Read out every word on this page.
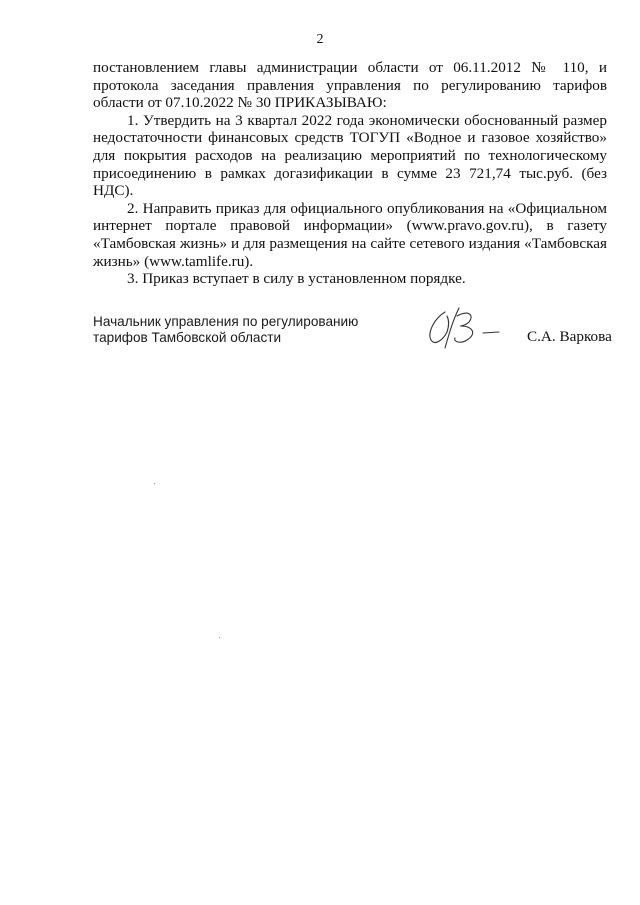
2

постановлением главы администрации области от 06.11.2012 № 110, и протокола заседания правления управления по регулированию тарифов области от 07.10.2022 № 30 ПРИКАЗЫВАЮ:

1. Утвердить на 3 квартал 2022 года экономически обоснованный размер недостаточности финансовых средств ТОГУП «Водное и газовое хозяйство» для покрытия расходов на реализацию мероприятий по технологическому присоединению в рамках догазификации в сумме 23 721,74 тыс.руб. (без НДС).

2. Направить приказ для официального опубликования на «Официальном интернет портале правовой информации» (www.pravo.gov.ru), в газету «Тамбовская жизнь» и для размещения на сайте сетевого издания «Тамбовская жизнь» (www.tamlife.ru).

3. Приказ вступает в силу в установленном порядке.

Начальник управления по регулированию
тарифов Тамбовской области	С.А. Варкова
